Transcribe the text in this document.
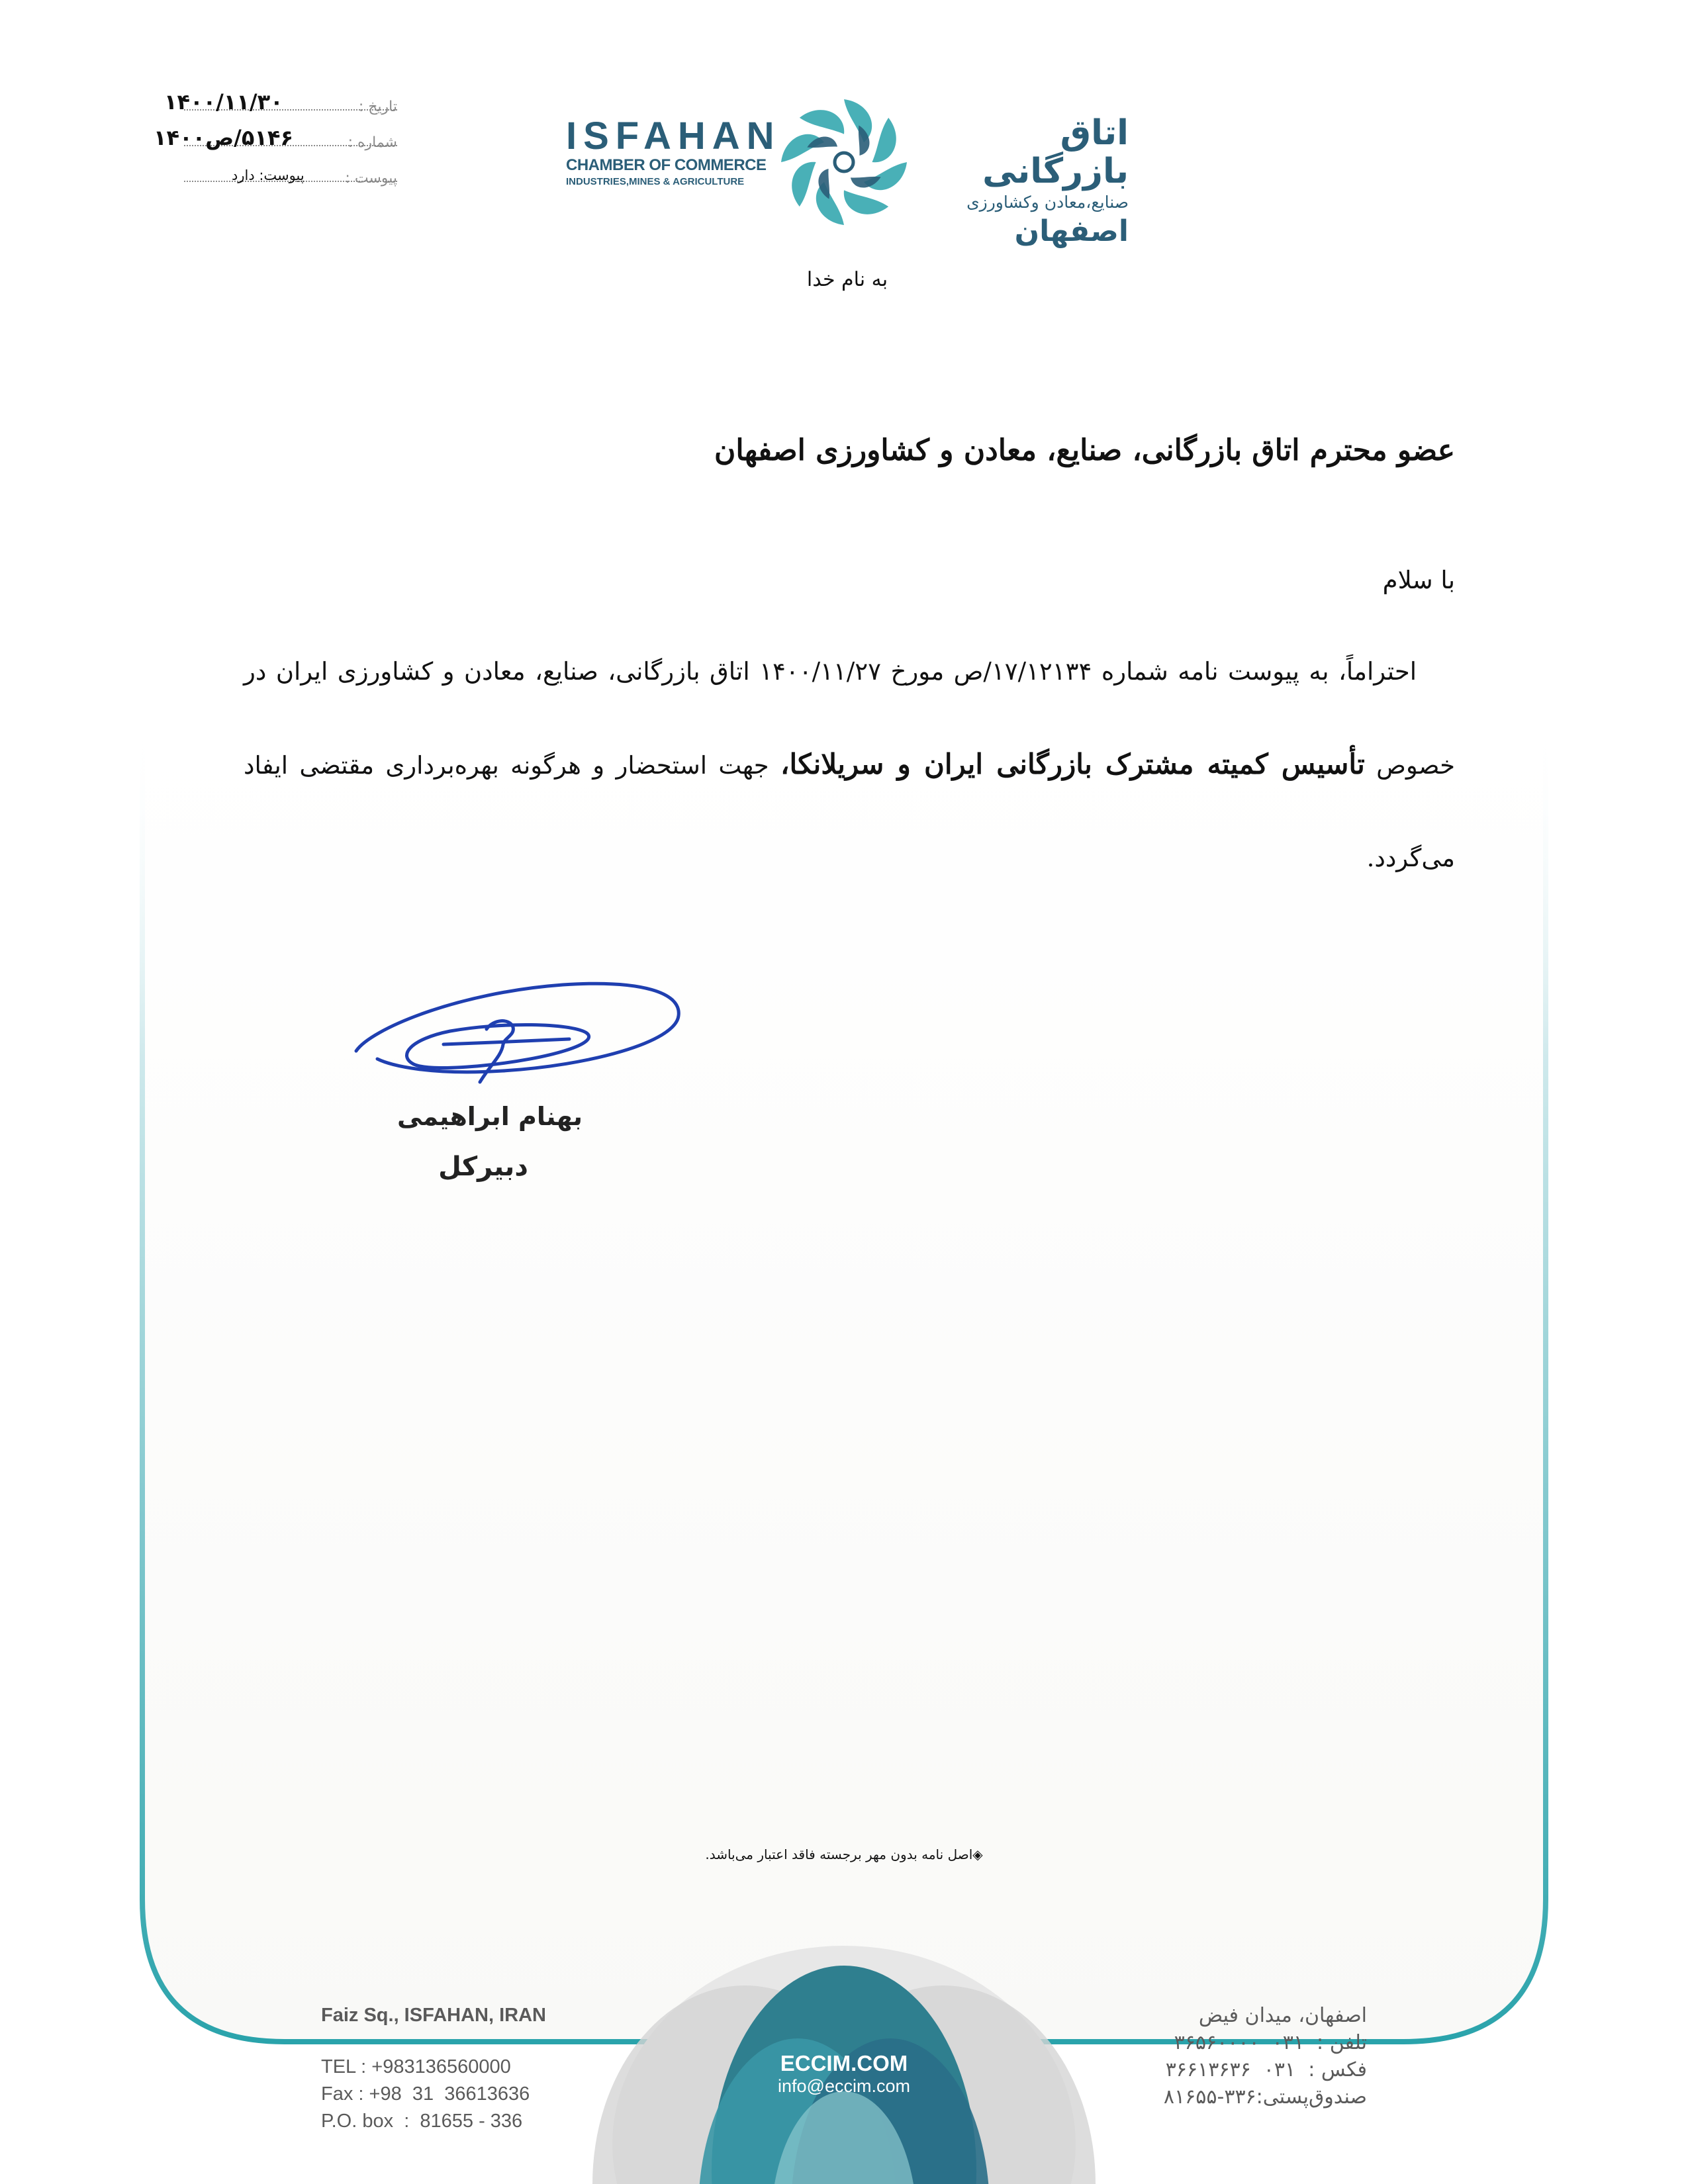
تاریخ :
۱۴۰۰/۱۱/۳۰
شماره :
۵۱۴۶/ص۱۴۰۰
پیوست :
پیوست: دارد
ISFAHAN
CHAMBER OF COMMERCE
INDUSTRIES,MINES & AGRICULTURE
اتاق بازرگانی
صنایع،معادن وکشاورزی
اصفهان
به نام خدا
عضو محترم اتاق بازرگانی، صنایع، معادن و کشاورزی اصفهان
با سلام
احتراماً، به پیوست نامه شماره ۱۷/۱۲۱۳۴/ص مورخ ۱۴۰۰/۱۱/۲۷ اتاق بازرگانی، صنایع، معادن و کشاورزی ایران در خصوص تأسیس کمیته مشترک بازرگانی ایران و سریلانکا، جهت استحضار و هرگونه بهره‌برداری مقتضی ایفاد می‌گردد.
بهنام ابراهیمی
دبیرکل
◈اصل نامه بدون مهر برجسته فاقد اعتبار می‌باشد.
Faiz Sq., ISFAHAN, IRAN
TEL : +983136560000
Fax : +98  31  36613636
P.O. box  :  81655 - 336
ECCIM.COM
info@eccim.com
اصفهان، میدان فیض
تلفن :  ۰۳۱  ۳۶۵۶۰۰۰۰
فکس :  ۰۳۱  ۳۶۶۱۳۶۳۶
صندوق‌پستی:۳۳۶-۸۱۶۵۵
